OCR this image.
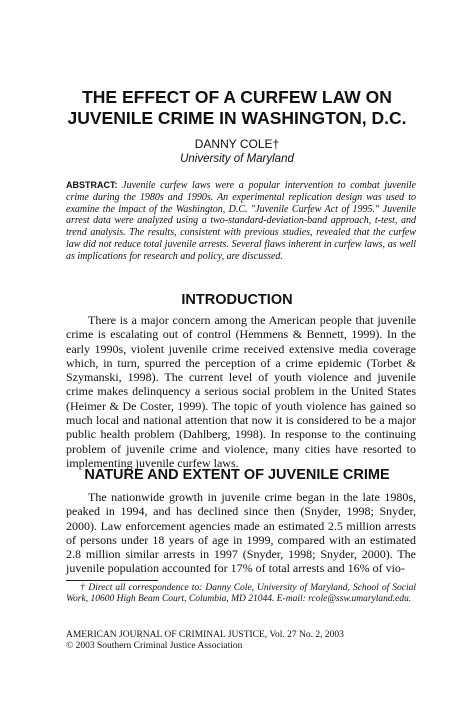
THE EFFECT OF A CURFEW LAW ON
JUVENILE CRIME IN WASHINGTON, D.C.
DANNY COLE†
University of Maryland

ABSTRACT: Juvenile curfew laws were a popular intervention to combat juvenile crime during the 1980s and 1990s. An experimental replication design was used to examine the impact of the Washington, D.C. "Juvenile Curfew Act of 1995." Juvenile arrest data were analyzed using a two-standard-deviation-band approach, t-test, and trend analysis. The results, consistent with previous studies, revealed that the curfew law did not reduce total juvenile arrests. Several flaws inherent in curfew laws, as well as implications for research and policy, are discussed.

INTRODUCTION

There is a major concern among the American people that juvenile crime is escalating out of control (Hemmens & Bennett, 1999). In the early 1990s, violent juvenile crime received extensive media coverage which, in turn, spurred the perception of a crime epidemic (Torbet & Szymanski, 1998). The current level of youth violence and juvenile crime makes delinquency a serious social problem in the United States (Heimer & De Coster, 1999). The topic of youth violence has gained so much local and national attention that now it is considered to be a major public health problem (Dahlberg, 1998). In response to the continuing problem of juvenile crime and violence, many cities have resorted to implementing juvenile curfew laws.

NATURE AND EXTENT OF JUVENILE CRIME

The nationwide growth in juvenile crime began in the late 1980s, peaked in 1994, and has declined since then (Snyder, 1998; Snyder, 2000). Law enforcement agencies made an estimated 2.5 million arrests of persons under 18 years of age in 1999, compared with an estimated 2.8 million similar arrests in 1997 (Snyder, 1998; Snyder, 2000). The juvenile population accounted for 17% of total arrests and 16% of vio-

† Direct all correspondence to: Danny Cole, University of Maryland, School of Social Work, 10600 High Beam Court, Columbia, MD 21044. E-mail: rcole@ssw.umaryland.edu.

AMERICAN JOURNAL OF CRIMINAL JUSTICE, Vol. 27 No. 2, 2003
© 2003 Southern Criminal Justice Association
